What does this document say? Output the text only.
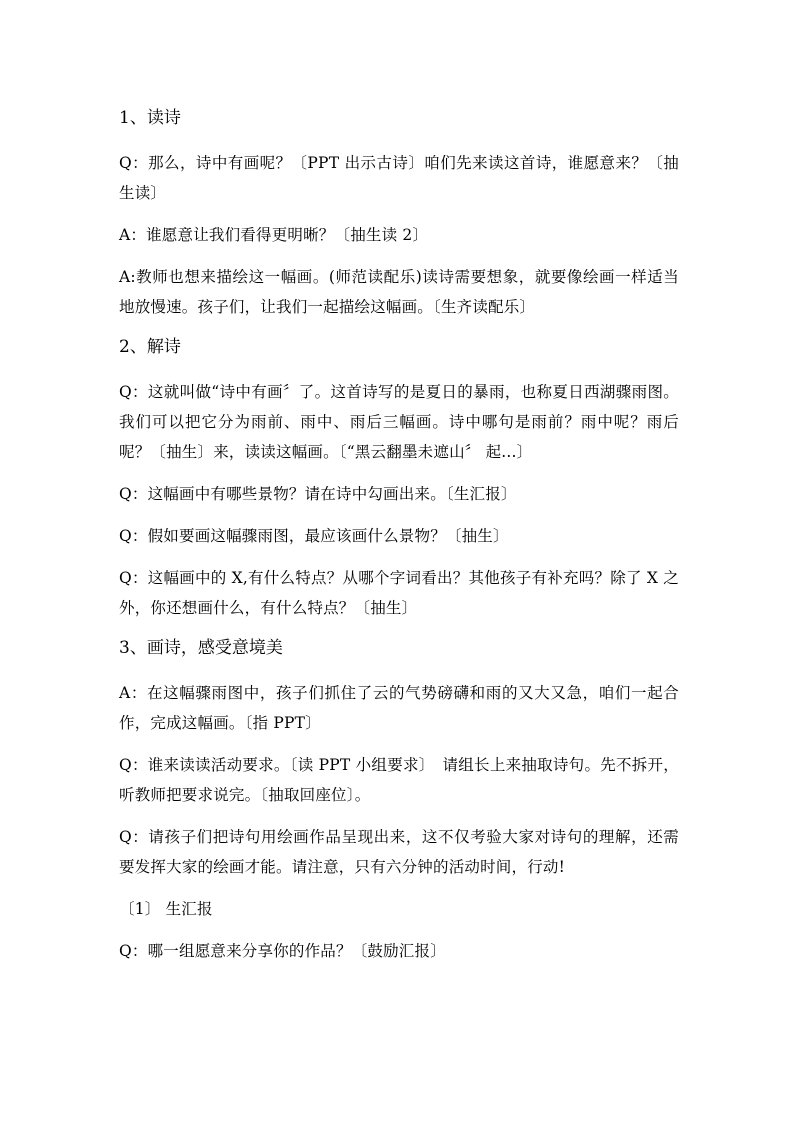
1、读诗

Q：那么，诗中有画呢？〔PPT 出示古诗〕咱们先来读这首诗，谁愿意来？〔抽生读〕

A：谁愿意让我们看得更明晰？〔抽生读 2〕

A:教师也想来描绘这一幅画。(师范读配乐)读诗需要想象，就要像绘画一样适当地放慢速。孩子们，让我们一起描绘这幅画。〔生齐读配乐〕

2、解诗

Q：这就叫做“诗中有画〞了。这首诗写的是夏日的暴雨，也称夏日西湖骤雨图。我们可以把它分为雨前、雨中、雨后三幅画。诗中哪句是雨前？雨中呢？雨后呢？〔抽生〕来，读读这幅画。〔“黑云翻墨未遮山〞 起...〕

Q：这幅画中有哪些景物？请在诗中勾画出来。〔生汇报〕

Q：假如要画这幅骤雨图，最应该画什么景物？〔抽生〕

Q：这幅画中的 X,有什么特点？从哪个字词看出？其他孩子有补充吗？除了 X 之外，你还想画什么，有什么特点？〔抽生〕

3、画诗，感受意境美

A：在这幅骤雨图中，孩子们抓住了云的气势磅礴和雨的又大又急，咱们一起合作，完成这幅画。〔指 PPT〕

Q：谁来读读活动要求。〔读 PPT 小组要求〕　请组长上来抽取诗句。先不拆开，听教师把要求说完。〔抽取回座位〕。

Q：请孩子们把诗句用绘画作品呈现出来，这不仅考验大家对诗句的理解，还需要发挥大家的绘画才能。请注意，只有六分钟的活动时间，行动!

〔1〕 生汇报

Q：哪一组愿意来分享你的作品？〔鼓励汇报〕
